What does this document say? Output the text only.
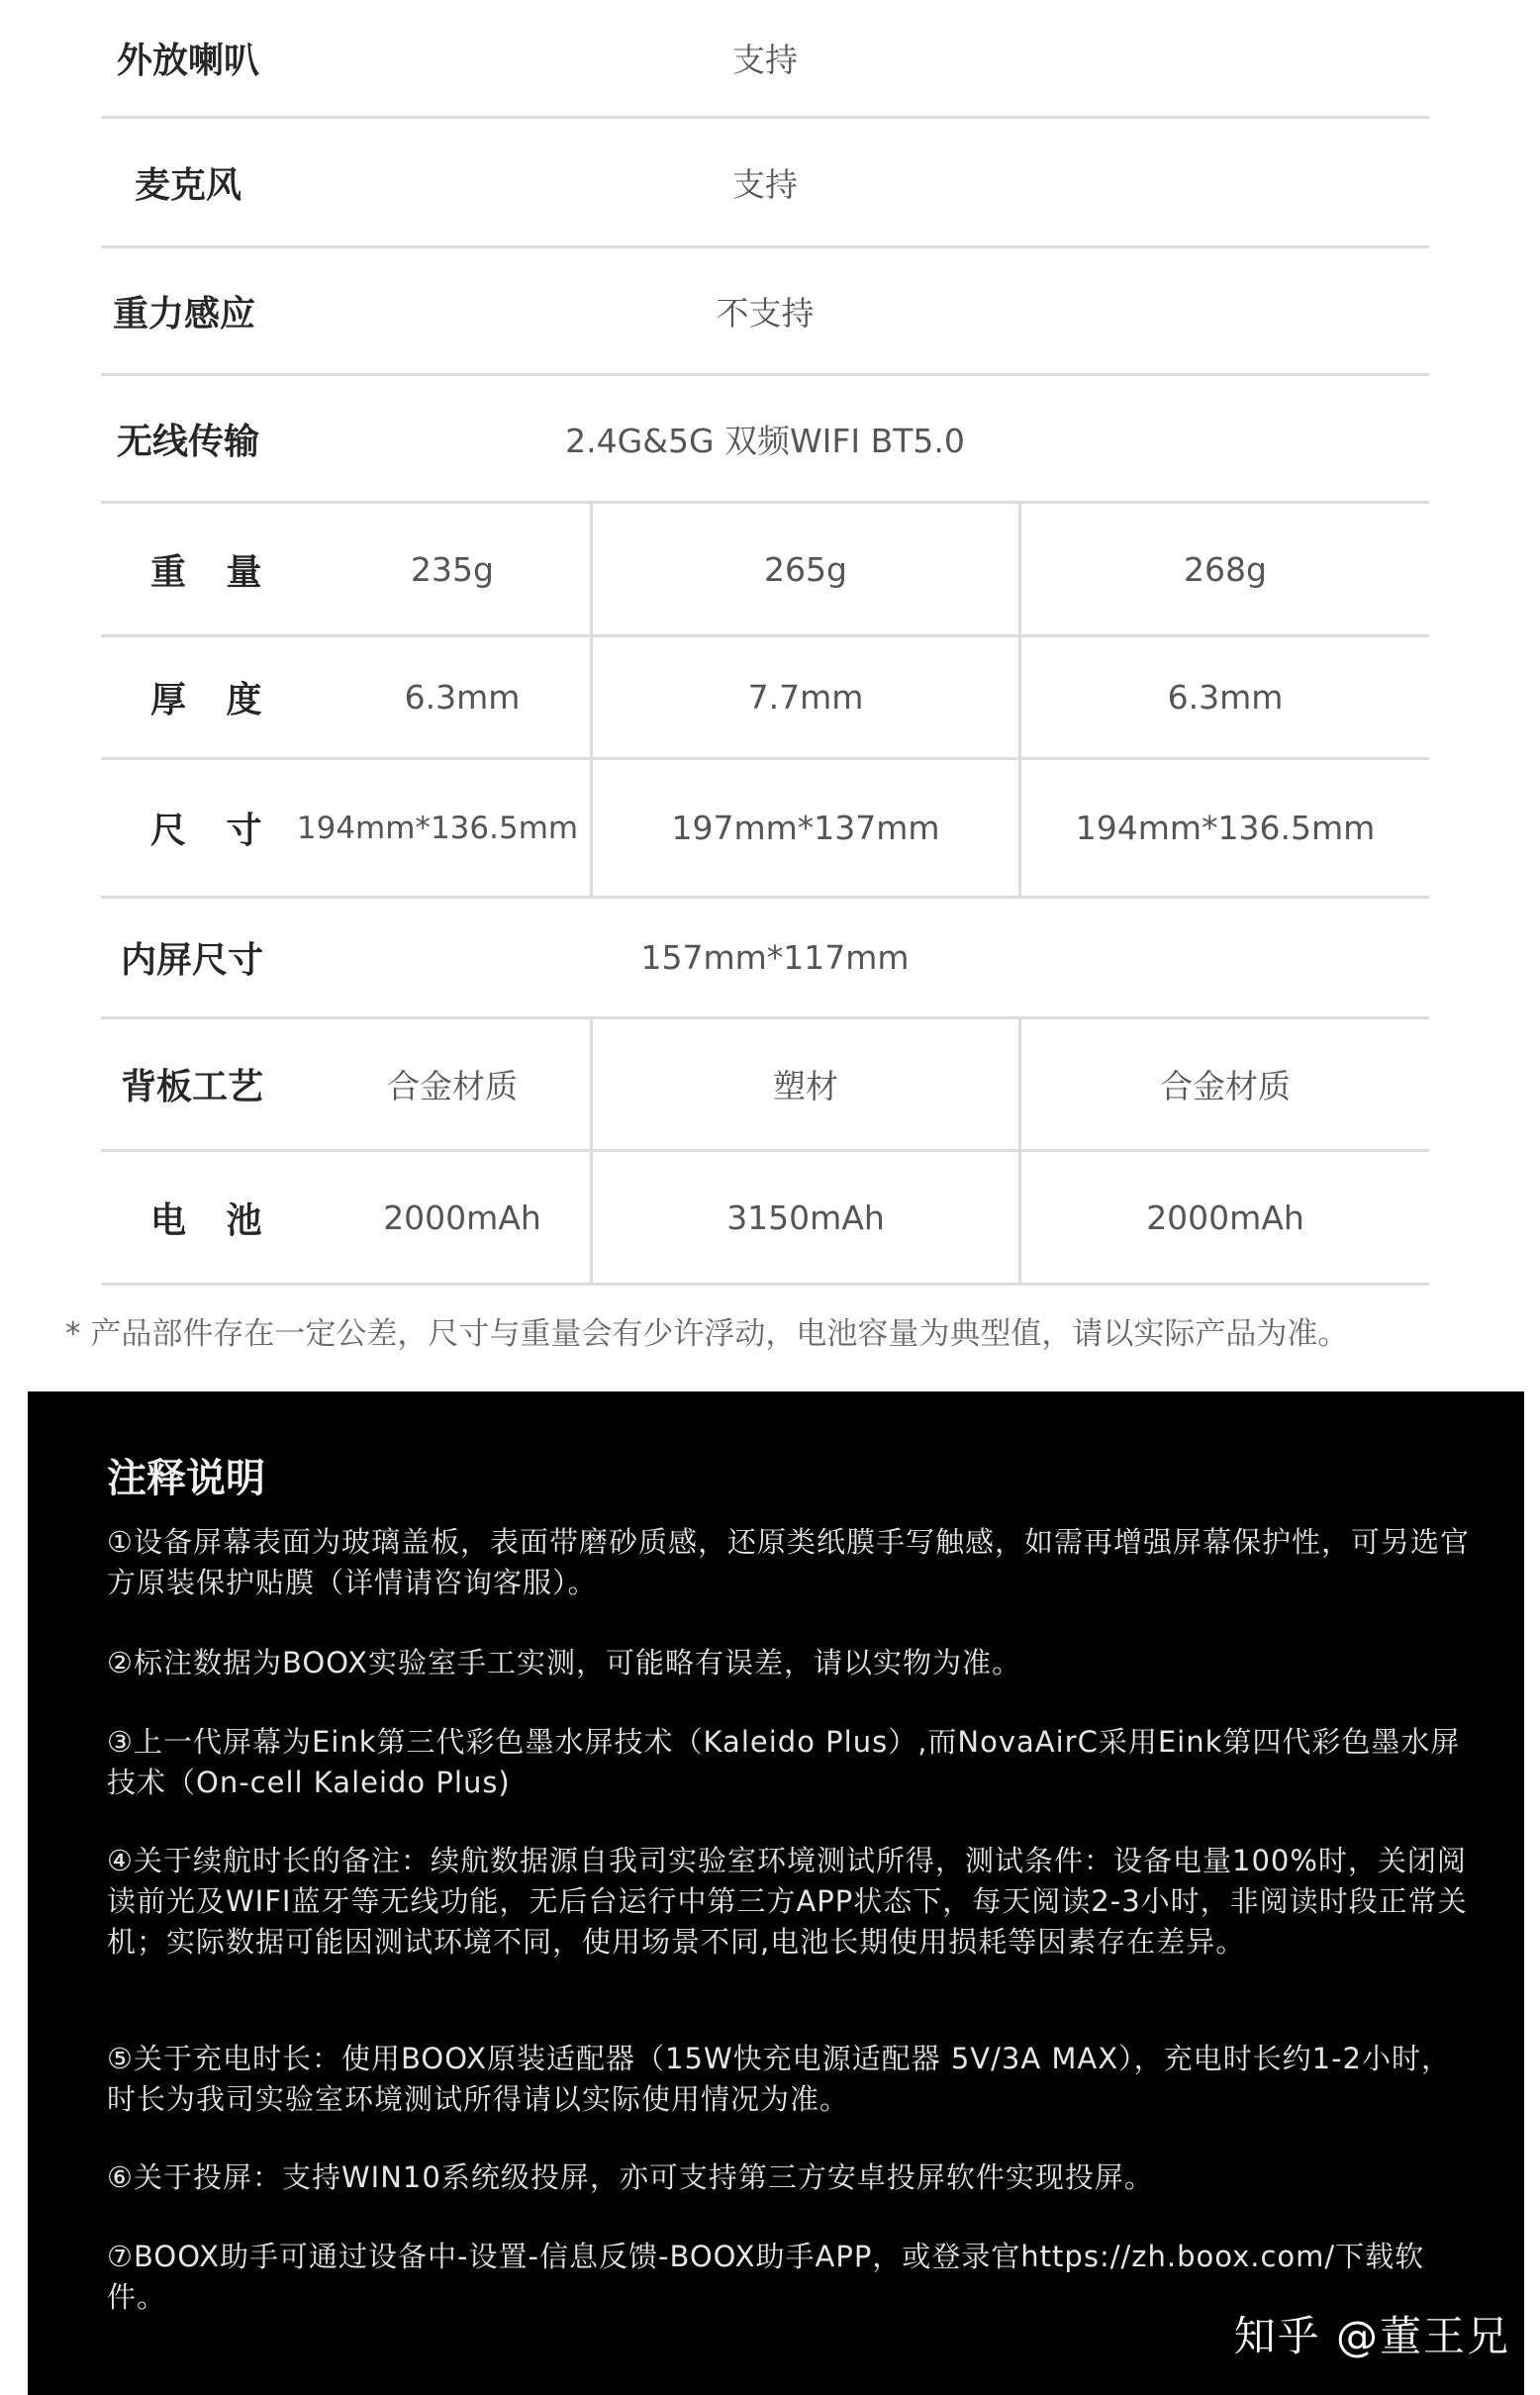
外放喇叭	支持
麦克风	支持
重力感应	不支持
无线传输	2.4G&5G 双频WIFI BT5.0
重 量	235g	265g	268g
厚 度	6.3mm	7.7mm	6.3mm
尺 寸 194mm*136.5mm	197mm*137mm	194mm*136.5mm
内屏尺寸	157mm*117mm
背板工艺	合金材质	塑材	合金材质
电 池	2000mAh	3150mAh	2000mAh
* 产品部件存在一定公差，尺寸与重量会有少许浮动，电池容量为典型值，请以实际产品为准。
注释说明
①设备屏幕表面为玻璃盖板，表面带磨砂质感，还原类纸膜手写触感，如需再增强屏幕保护性，可另选官方原装保护贴膜（详情请咨询客服）。
②标注数据为BOOX实验室手工实测，可能略有误差，请以实物为准。
③上一代屏幕为Eink第三代彩色墨水屏技术（Kaleido Plus）,而NovaAirC采用Eink第四代彩色墨水屏技术（On-cell Kaleido Plus)
④关于续航时长的备注：续航数据源自我司实验室环境测试所得，测试条件：设备电量100%时，关闭阅读前光及WIFI蓝牙等无线功能，无后台运行中第三方APP状态下，每天阅读2-3小时，非阅读时段正常关机；实际数据可能因测试环境不同，使用场景不同,电池长期使用损耗等因素存在差异。
⑤关于充电时长：使用BOOX原装适配器（15W快充电源适配器 5V/3A MAX），充电时长约1-2小时，时长为我司实验室环境测试所得请以实际使用情况为准。
⑥关于投屏：支持WIN10系统级投屏，亦可支持第三方安卓投屏软件实现投屏。
⑦BOOX助手可通过设备中-设置-信息反馈-BOOX助手APP，或登录官https://zh.boox.com/下载软件。
知乎 @董王兄
